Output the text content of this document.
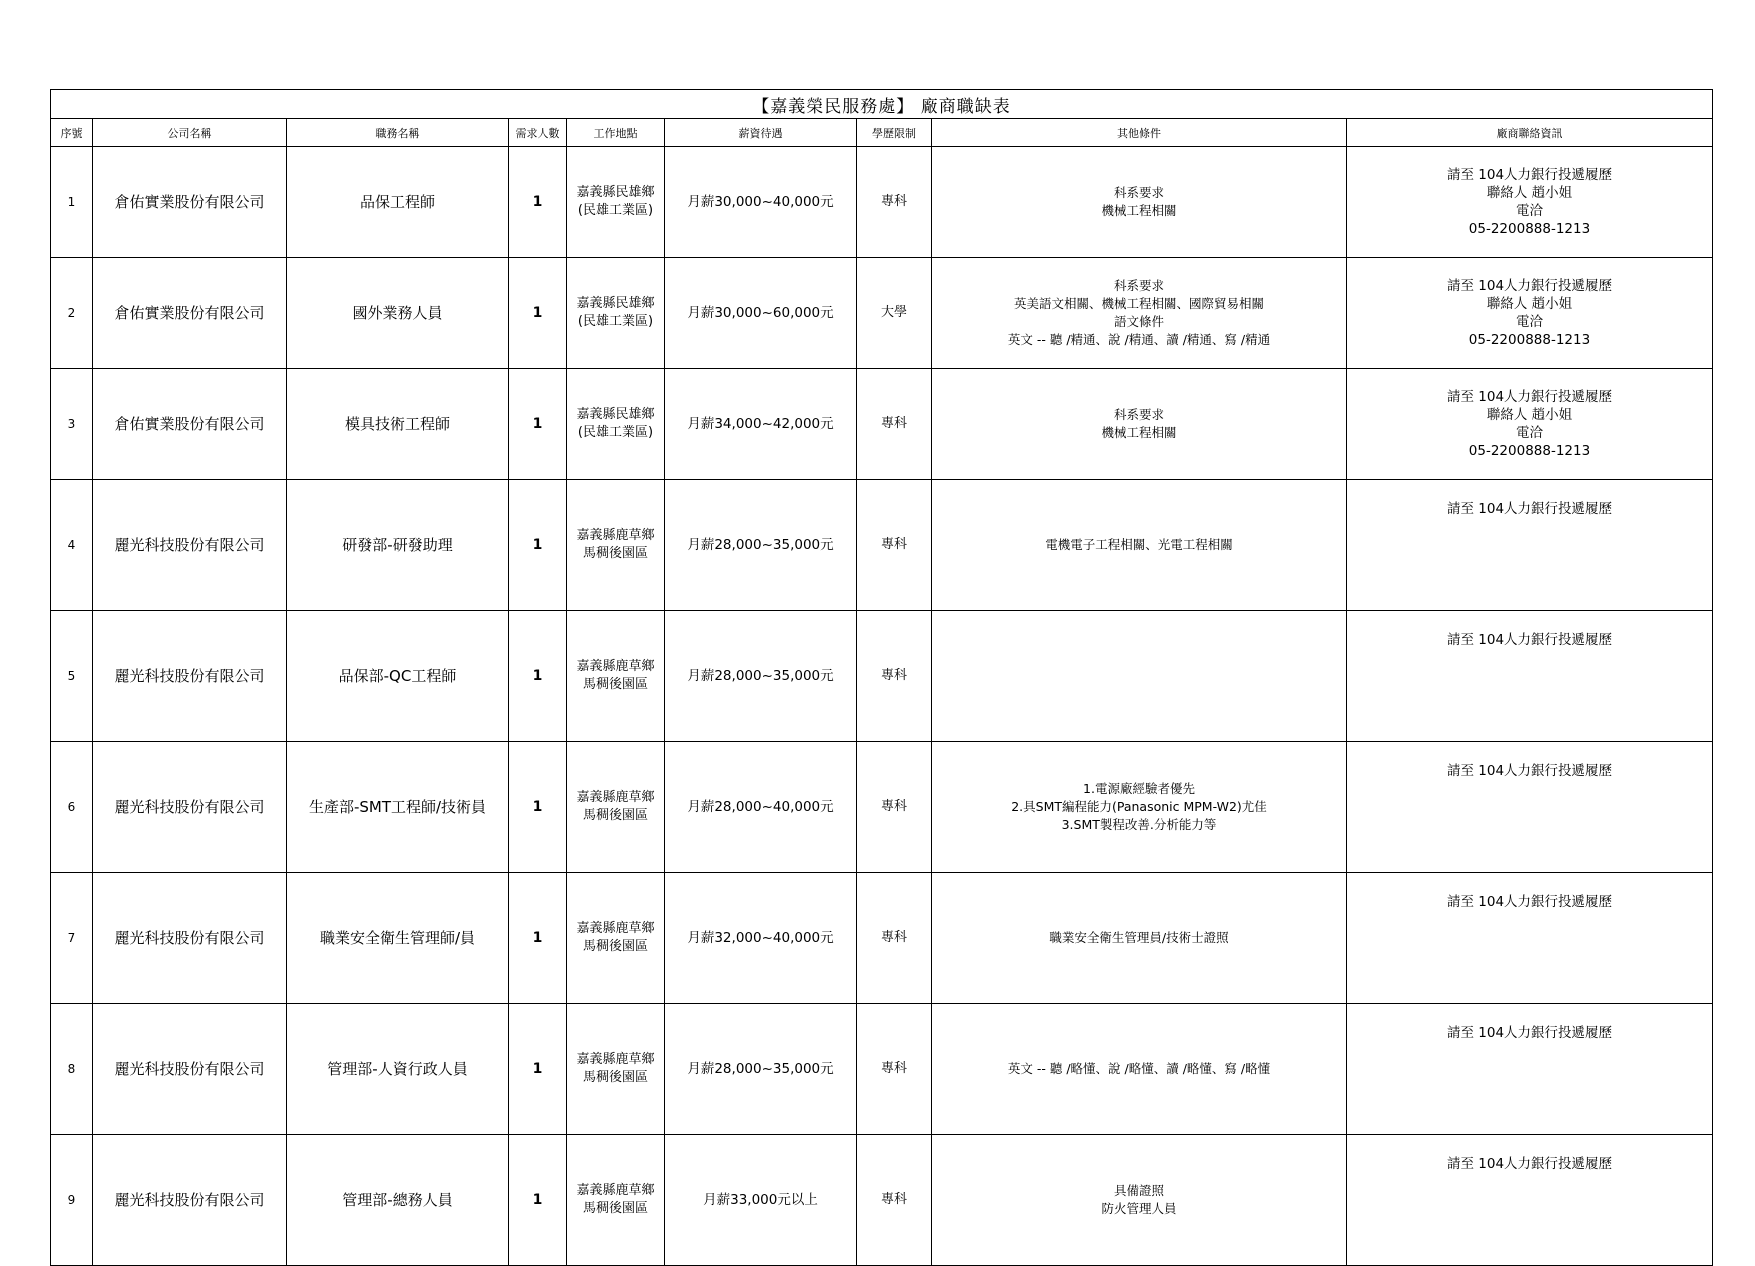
【嘉義榮民服務處】 廠商職缺表								
序號	公司名稱	職務名稱	需求人數	工作地點	薪資待遇	學歷限制	其他條件	廠商聯絡資訊
1	倉佑實業股份有限公司	品保工程師	1	嘉義縣民雄鄉
(民雄工業區)	月薪30,000~40,000元	專科	科系要求
機械工程相關	請至 104人力銀行投遞履歷
聯絡人 趙小姐
電洽
05-2200888-1213

2	倉佑實業股份有限公司	國外業務人員	1	嘉義縣民雄鄉
(民雄工業區)	月薪30,000~60,000元	大學	科系要求
英美語文相關、機械工程相關、國際貿易相關
語文條件
英文 -- 聽 /精通、說 /精通、讀 /精通、寫 /精通	請至 104人力銀行投遞履歷
聯絡人 趙小姐
電洽
05-2200888-1213

3	倉佑實業股份有限公司	模具技術工程師	1	嘉義縣民雄鄉
(民雄工業區)	月薪34,000~42,000元	專科	科系要求
機械工程相關	請至 104人力銀行投遞履歷
聯絡人 趙小姐
電洽
05-2200888-1213

4	麗光科技股份有限公司	研發部-研發助理	1	嘉義縣鹿草鄉
馬稠後園區	月薪28,000~35,000元	專科	電機電子工程相關、光電工程相關	請至 104人力銀行投遞履歷

5	麗光科技股份有限公司	品保部-QC工程師	1	嘉義縣鹿草鄉
馬稠後園區	月薪28,000~35,000元	專科		請至 104人力銀行投遞履歷

6	麗光科技股份有限公司	生產部-SMT工程師/技術員	1	嘉義縣鹿草鄉
馬稠後園區	月薪28,000~40,000元	專科	1.電源廠經驗者優先
2.具SMT編程能力(Panasonic MPM-W2)尤佳
3.SMT製程改善.分析能力等	請至 104人力銀行投遞履歷

7	麗光科技股份有限公司	職業安全衛生管理師/員	1	嘉義縣鹿草鄉
馬稠後園區	月薪32,000~40,000元	專科	職業安全衛生管理員/技術士證照	請至 104人力銀行投遞履歷

8	麗光科技股份有限公司	管理部-人資行政人員	1	嘉義縣鹿草鄉
馬稠後園區	月薪28,000~35,000元	專科	英文 -- 聽 /略懂、說 /略懂、讀 /略懂、寫 /略懂	請至 104人力銀行投遞履歷

9	麗光科技股份有限公司	管理部-總務人員	1	嘉義縣鹿草鄉
馬稠後園區	月薪33,000元以上	專科	具備證照
防火管理人員	請至 104人力銀行投遞履歷
